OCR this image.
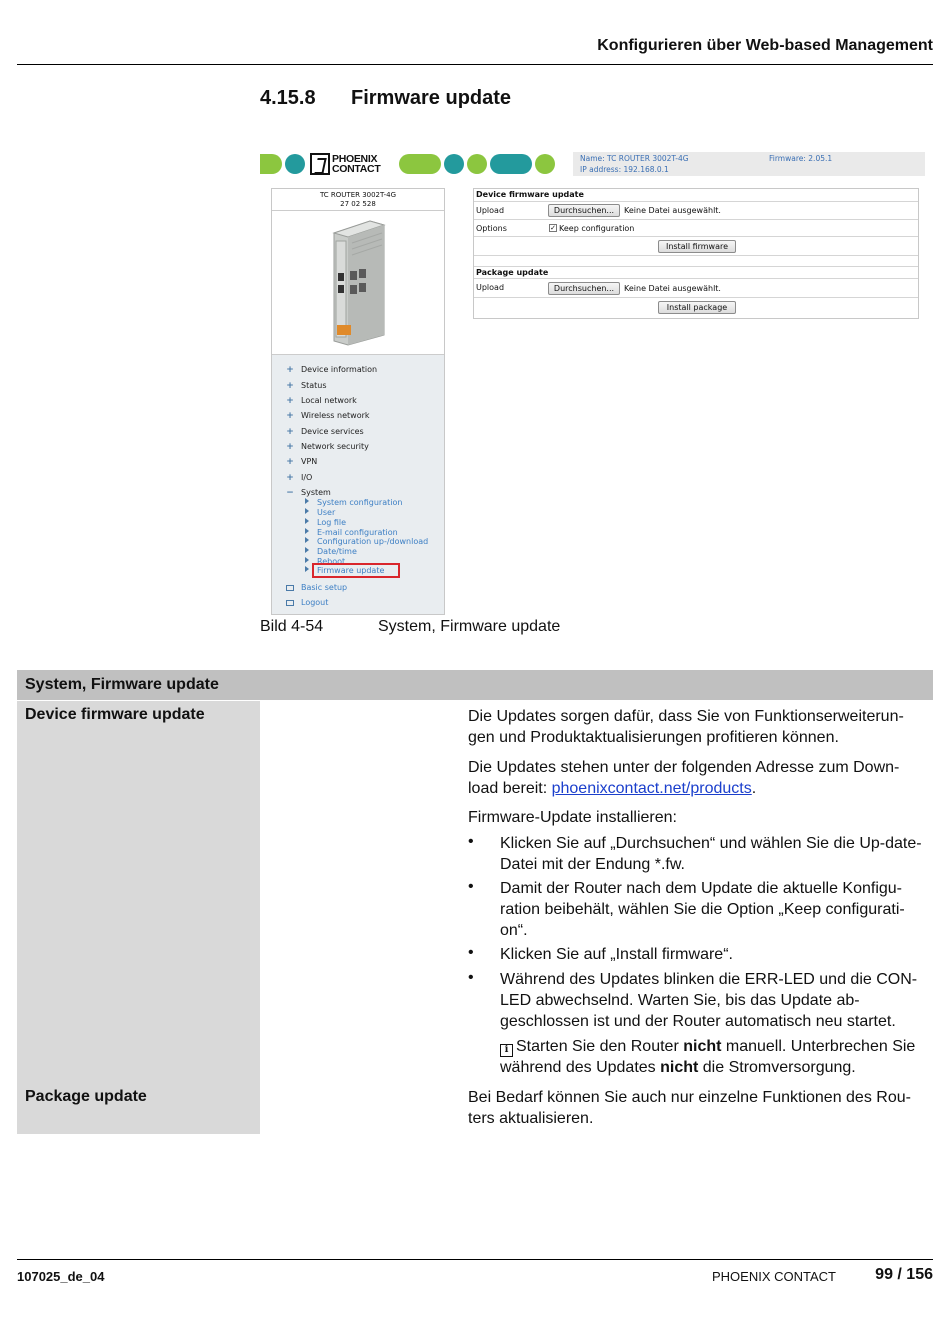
Konfigurieren über Web-based Management
4.15.8 Firmware update
PHOENIX
CONTACT
Name: TC ROUTER 3002T-4G
IP address: 192.168.0.1
Firmware: 2.05.1
TC ROUTER 3002T-4G
27 02 528
+ Device information
+ Status
+ Local network
+ Wireless network
+ Device services
+ Network security
+ VPN
+ I/O
− System
System configuration
User
Log file
E-mail configuration
Configuration up-/download
Date/time
Reboot
Firmware update
Basic setup
Logout
Device firmware update
Upload	Durchsuchen...	Keine Datei ausgewählt.
Options	✓ Keep configuration
Install firmware
Package update
Upload	Durchsuchen...	Keine Datei ausgewählt.
Install package
Bild 4-54	System, Firmware update
System, Firmware update
Device firmware update	Die Updates sorgen dafür, dass Sie von Funktionserweiterun-gen und Produktaktualisierungen profitieren können.
Die Updates stehen unter der folgenden Adresse zum Down-load bereit: phoenixcontact.net/products.
Firmware-Update installieren:
• Klicken Sie auf „Durchsuchen“ und wählen Sie die Up-date-Datei mit der Endung *.fw.
• Damit der Router nach dem Update die aktuelle Konfigu-ration beibehält, wählen Sie die Option „Keep configurati-on“.
• Klicken Sie auf „Install firmware“.
• Während des Updates blinken die ERR-LED und die CON-LED abwechselnd. Warten Sie, bis das Update ab-geschlossen ist und der Router automatisch neu startet.
i Starten Sie den Router nicht manuell. Unterbrechen Sie während des Updates nicht die Stromversorgung.
Package update	Bei Bedarf können Sie auch nur einzelne Funktionen des Rou-ters aktualisieren.
107025_de_04	PHOENIX CONTACT 99 / 156
